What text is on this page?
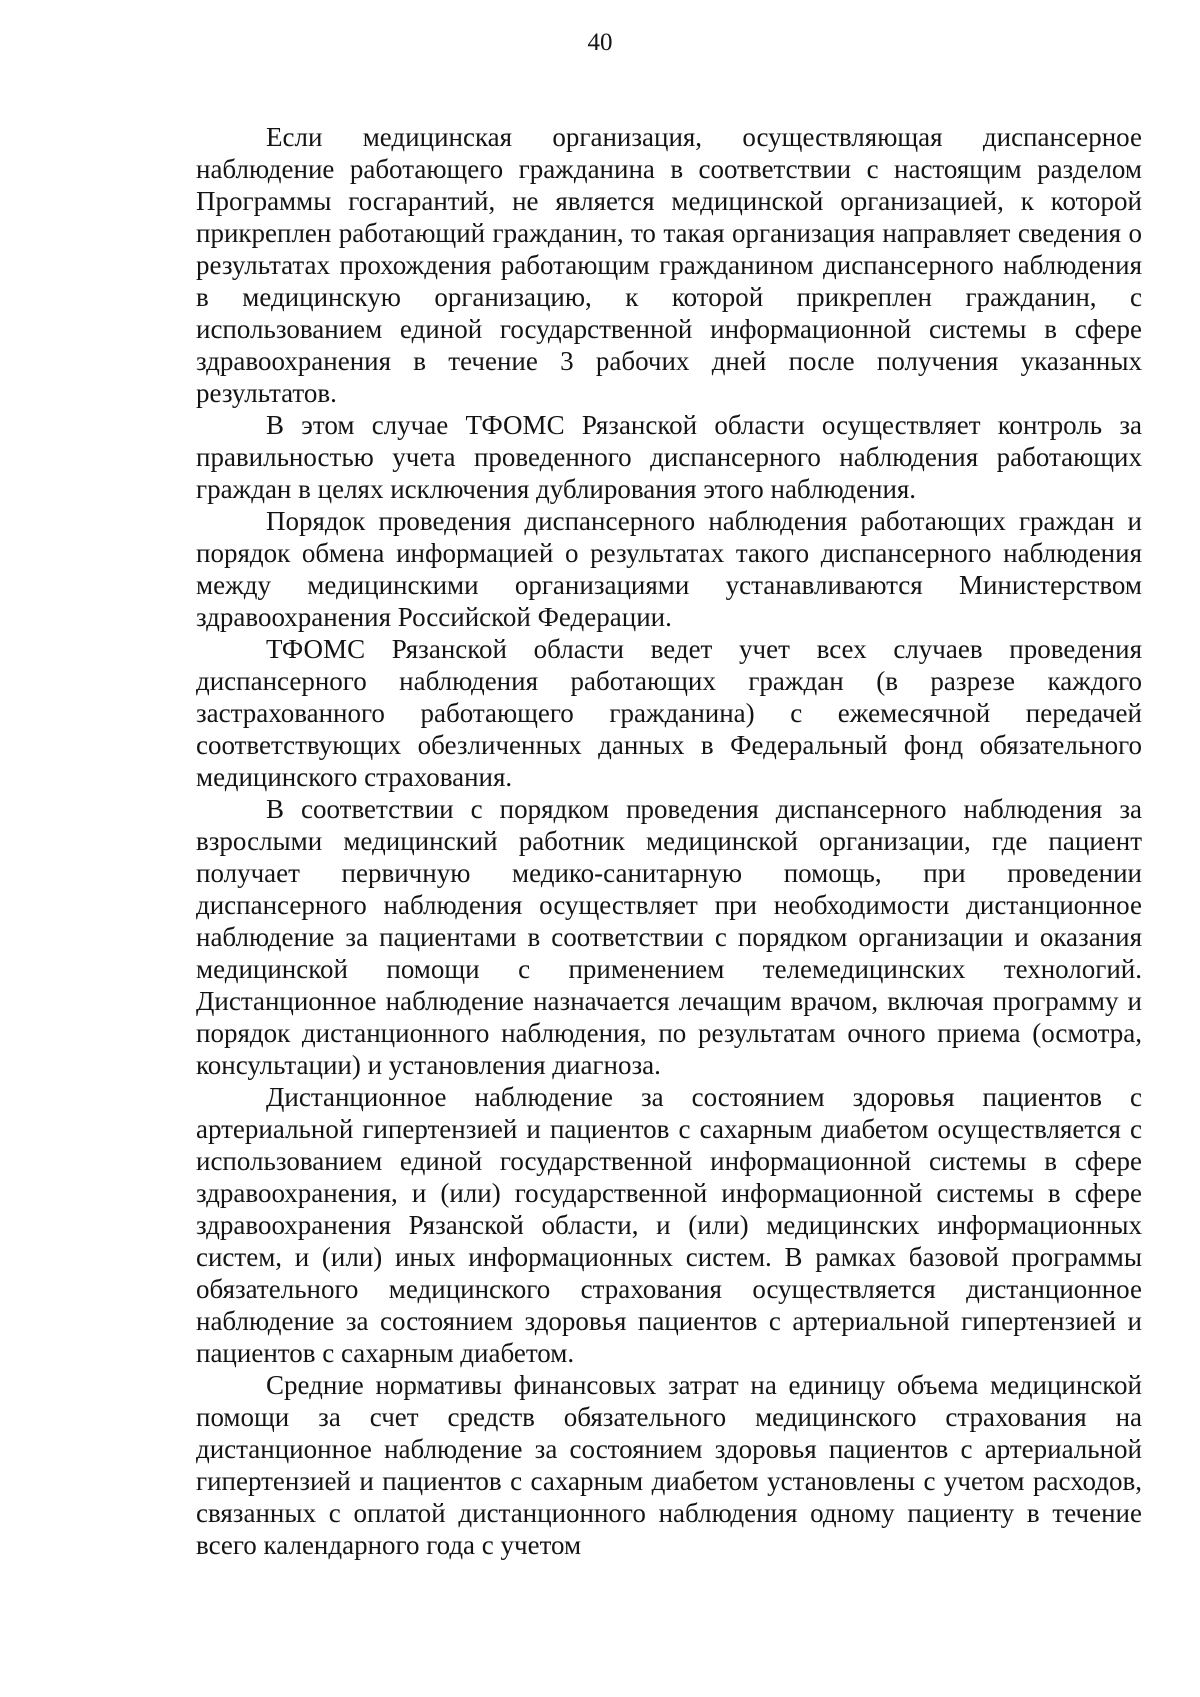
40

Если медицинская организация, осуществляющая диспансерное наблюдение работающего гражданина в соответствии с настоящим разделом Программы госгарантий, не является медицинской организацией, к которой прикреплен работающий гражданин, то такая организация направляет сведения о результатах прохождения работающим гражданином диспансерного наблюдения в медицинскую организацию, к которой прикреплен гражданин, с использованием единой государственной информационной системы в сфере здравоохранения в течение 3 рабочих дней после получения указанных результатов.

В этом случае ТФОМС Рязанской области осуществляет контроль за правильностью учета проведенного диспансерного наблюдения работающих граждан в целях исключения дублирования этого наблюдения.

Порядок проведения диспансерного наблюдения работающих граждан и порядок обмена информацией о результатах такого диспансерного наблюдения между медицинскими организациями устанавливаются Министерством здравоохранения Российской Федерации.

ТФОМС Рязанской области ведет учет всех случаев проведения диспансерного наблюдения работающих граждан (в разрезе каждого застрахованного работающего гражданина) с ежемесячной передачей соответствующих обезличенных данных в Федеральный фонд обязательного медицинского страхования.

В соответствии с порядком проведения диспансерного наблюдения за взрослыми медицинский работник медицинской организации, где пациент получает первичную медико-санитарную помощь, при проведении диспансерного наблюдения осуществляет при необходимости дистанционное наблюдение за пациентами в соответствии с порядком организации и оказания медицинской помощи с применением телемедицинских технологий. Дистанционное наблюдение назначается лечащим врачом, включая программу и порядок дистанционного наблюдения, по результатам очного приема (осмотра, консультации) и установления диагноза.

Дистанционное наблюдение за состоянием здоровья пациентов с артериальной гипертензией и пациентов с сахарным диабетом осуществляется с использованием единой государственной информационной системы в сфере здравоохранения, и (или) государственной информационной системы в сфере здравоохранения Рязанской области, и (или) медицинских информационных систем, и (или) иных информационных систем. В рамках базовой программы обязательного медицинского страхования осуществляется дистанционное наблюдение за состоянием здоровья пациентов с артериальной гипертензией и пациентов с сахарным диабетом.

Средние нормативы финансовых затрат на единицу объема медицинской помощи за счет средств обязательного медицинского страхования на дистанционное наблюдение за состоянием здоровья пациентов с артериальной гипертензией и пациентов с сахарным диабетом установлены с учетом расходов, связанных с оплатой дистанционного наблюдения одному пациенту в течение всего календарного года с учетом
